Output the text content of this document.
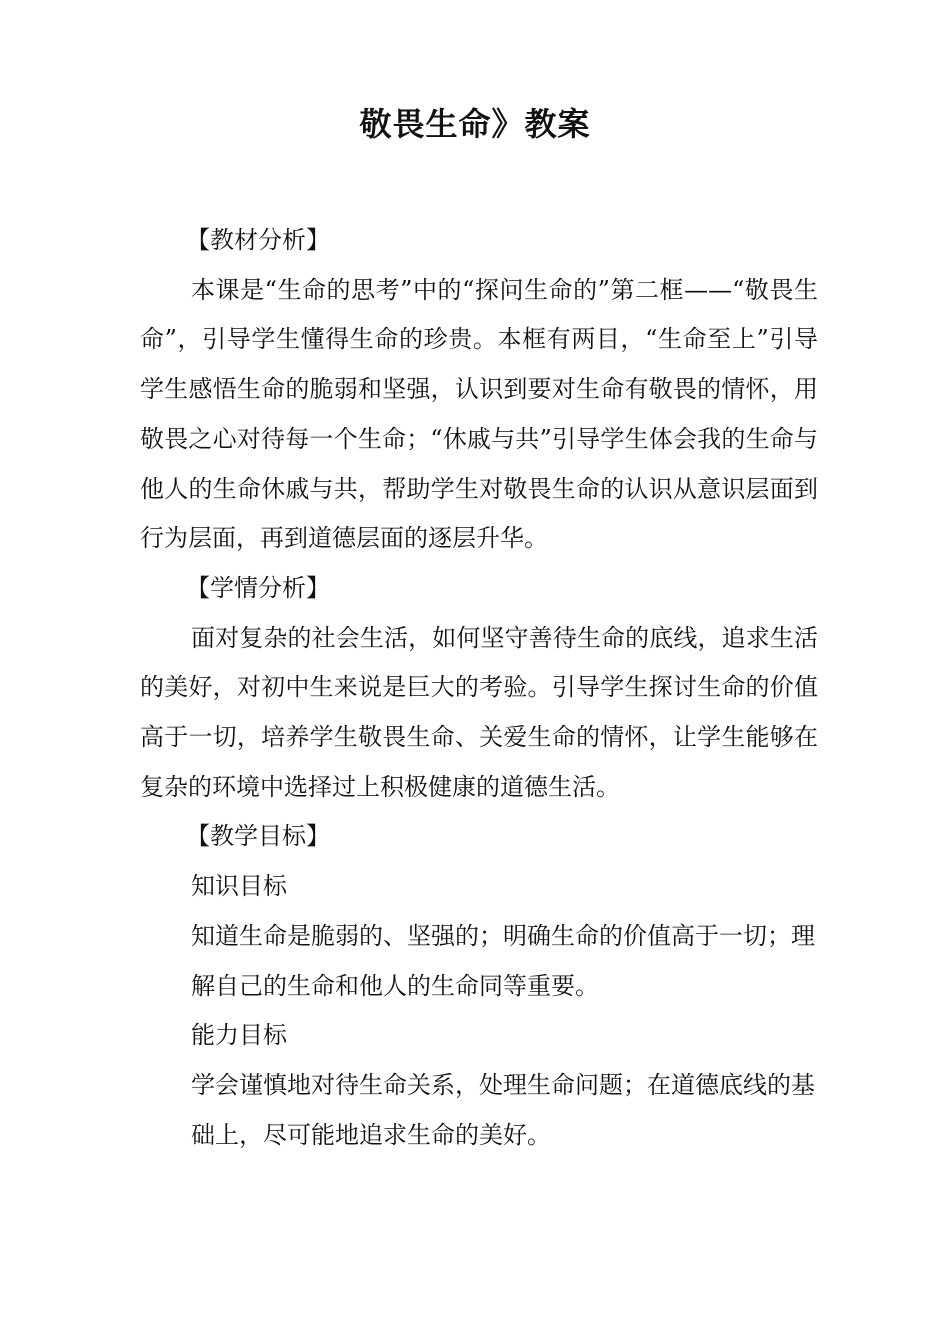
敬畏生命》教案

【教材分析】

本课是“生命的思考”中的“探问生命的”第二框——“敬畏生命”，引导学生懂得生命的珍贵。本框有两目，“生命至上”引导学生感悟生命的脆弱和坚强，认识到要对生命有敬畏的情怀，用敬畏之心对待每一个生命；“休戚与共”引导学生体会我的生命与他人的生命休戚与共，帮助学生对敬畏生命的认识从意识层面到行为层面，再到道德层面的逐层升华。

【学情分析】

面对复杂的社会生活，如何坚守善待生命的底线，追求生活的美好，对初中生来说是巨大的考验。引导学生探讨生命的价值高于一切，培养学生敬畏生命、关爱生命的情怀，让学生能够在复杂的环境中选择过上积极健康的道德生活。

【教学目标】

知识目标

知道生命是脆弱的、坚强的；明确生命的价值高于一切；理解自己的生命和他人的生命同等重要。

能力目标

学会谨慎地对待生命关系，处理生命问题；在道德底线的基础上，尽可能地追求生命的美好。
